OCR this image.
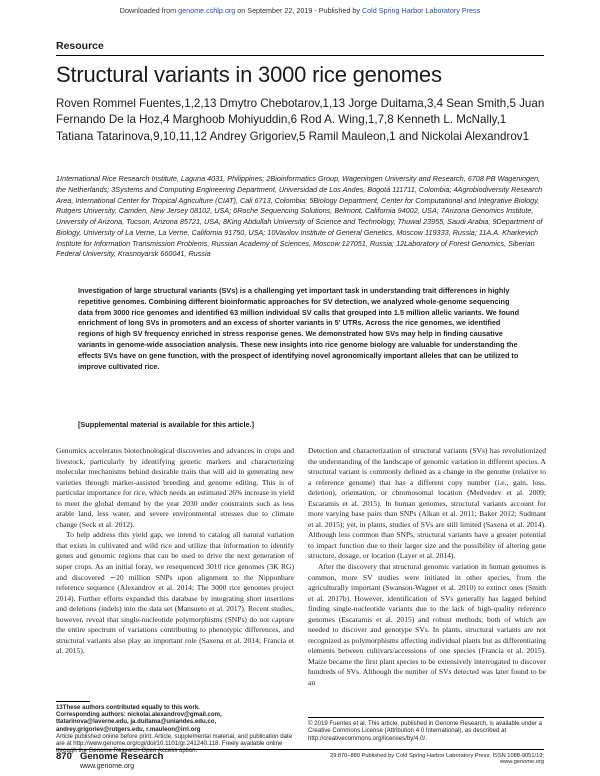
Downloaded from genome.cshlp.org on September 22, 2019 - Published by Cold Spring Harbor Laboratory Press
Resource
Structural variants in 3000 rice genomes
Roven Rommel Fuentes,1,2,13 Dmytro Chebotarov,1,13 Jorge Duitama,3,4 Sean Smith,5 Juan Fernando De la Hoz,4 Marghoob Mohiyuddin,6 Rod A. Wing,1,7,8 Kenneth L. McNally,1 Tatiana Tatarinova,9,10,11,12 Andrey Grigoriev,5 Ramil Mauleon,1 and Nickolai Alexandrov1
1International Rice Research Institute, Laguna 4031, Philippines; 2Bioinformatics Group, Wageningen University and Research, 6708 PB Wageningen, the Netherlands; 3Systems and Computing Engineering Department, Universidad de Los Andes, Bogotá 111711, Colombia; 4Agrobiodiversity Research Area, International Center for Tropical Agriculture (CIAT), Cali 6713, Colombia; 5Biology Department, Center for Computational and Integrative Biology, Rutgers University, Camden, New Jersey 08102, USA; 6Roche Sequencing Solutions, Belmont, California 94002, USA; 7Arizona Genomics Institute, University of Arizona, Tucson, Arizona 85721, USA; 8King Abdullah University of Science and Technology, Thuwal 23955, Saudi Arabia; 9Department of Biology, University of La Verne, La Verne, California 91750, USA; 10Vavilov Institute of General Genetics, Moscow 119333, Russia; 11A.A. Kharkevich Institute for Information Transmission Problems, Russian Academy of Sciences, Moscow 127051, Russia; 12Laboratory of Forest Genomics, Siberian Federal University, Krasnoyarsk 660041, Russia
Investigation of large structural variants (SVs) is a challenging yet important task in understanding trait differences in highly repetitive genomes. Combining different bioinformatic approaches for SV detection, we analyzed whole-genome sequencing data from 3000 rice genomes and identified 63 million individual SV calls that grouped into 1.5 million allelic variants. We found enrichment of long SVs in promoters and an excess of shorter variants in 5′ UTRs. Across the rice genomes, we identified regions of high SV frequency enriched in stress response genes. We demonstrated how SVs may help in finding causative variants in genome-wide association analysis. These new insights into rice genome biology are valuable for understanding the effects SVs have on gene function, with the prospect of identifying novel agronomically important alleles that can be utilized to improve cultivated rice.
[Supplemental material is available for this article.]

Genomics accelerates biotechnological discoveries and advances in crops and livestock, particularly by identifying genetic markers and characterizing molecular mechanisms behind desirable traits that will aid in generating new varieties through marker-assisted breeding and genome editing. This is of particular importance for rice, which needs an estimated 26% increase in yield to meet the global demand by the year 2030 under constraints such as less arable land, less water, and severe environmental stresses due to climate change (Seck et al. 2012).

To help address this yield gap, we intend to catalog all natural variation that exists in cultivated and wild rice and utilize that information to identify genes and genomic regions that can be used to drive the next generation of super crops. As an initial foray, we resequenced 3010 rice genomes (3K RG) and discovered ∼20 million SNPs upon alignment to the Nipponbare reference sequence (Alexandrov et al. 2014; The 3000 rice genomes project 2014). Further efforts expanded this database by integrating short insertions and deletions (indels) into the data set (Mansueto et al. 2017). Recent studies, however, reveal that single-nucleotide polymorphisms (SNPs) do not capture the entire spectrum of variations contributing to phenotypic differences, and structural variants also play an important role (Saxena et al. 2014; Francia et al. 2015).

Detection and characterization of structural variants (SVs) has revolutionized the understanding of the landscape of genomic variation in different species. A structural variant is commonly defined as a change in the genome (relative to a reference genome) that has a different copy number (i.e., gain, loss, deletion), orientation, or chromosomal location (Medvedev et al. 2009; Escaramis et al. 2015). In human genomes, structural variants account for more varying base pairs than SNPs (Alkan et al. 2011; Baker 2012; Sudmant et al. 2015); yet, in plants, studies of SVs are still limited (Saxena et al. 2014). Although less common than SNPs, structural variants have a greater potential to impact function due to their larger size and the possibility of altering gene structure, dosage, or location (Layer et al. 2014).

After the discovery that structural genomic variation in human genomes is common, more SV studies were initiated in other species, from the agriculturally important (Swanson-Wagner et al. 2010) to extinct ones (Smith et al. 2017b). However, identification of SVs generally has lagged behind finding single-nucleotide variants due to the lack of high-quality reference genomes (Escaramis et al. 2015) and robust methods, both of which are needed to discover and genotype SVs. In plants, structural variants are not recognized as polymorphisms affecting individual plants but as differentiating elements between cultivars/accessions of one species (Francia et al. 2015). Maize became the first plant species to be extensively interrogated to discover hundreds of SVs. Although the number of SVs detected was later found to be an

13These authors contributed equally to this work.
Corresponding authors: nickolai.alexandrov@gmail.com, ttatarinova@laverne.edu, ja.duitama@uniandes.edu.co, andrey.grigoriev@rutgers.edu, r.mauleon@irri.org
Article published online before print. Article, supplemental material, and publication date are at http://www.genome.org/cgi/doi/10.1101/gr.241240.118. Freely available online through the Genome Research Open Access option.
© 2019 Fuentes et al. This article, published in Genome Research, is available under a Creative Commons License (Attribution 4.0 International), as described at http://creativecommons.org/licenses/by/4.0/.
870 Genome Research
www.genome.org
29:870–880 Published by Cold Spring Harbor Laboratory Press; ISSN 1088-9051/19; www.genome.org
